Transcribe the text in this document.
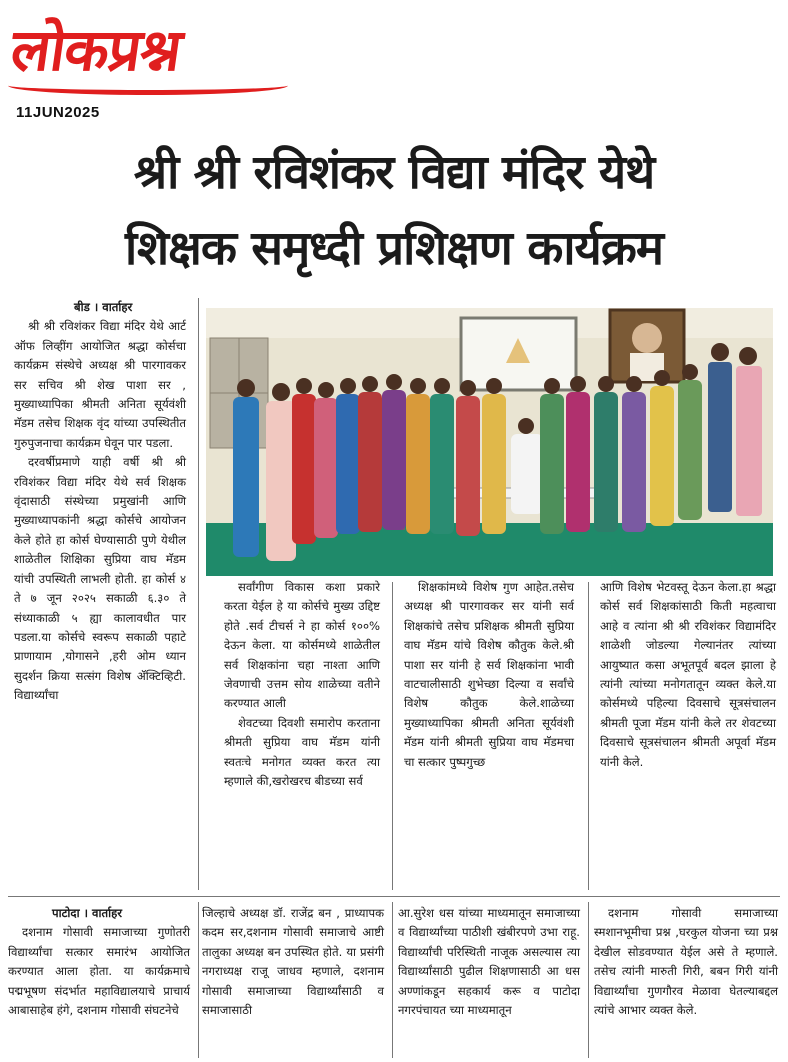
लोकप्रश्न
11JUN2025
श्री श्री रविशंकर विद्या मंदिर येथे
शिक्षक समृध्दी प्रशिक्षण कार्यक्रम

बीड । वार्ताहर

श्री श्री रविशंकर विद्या मंदिर येथे आर्ट ऑफ लिव्हींग आयोजित श्रद्धा कोर्सचा कार्यक्रम संस्थेचे अध्यक्ष श्री पारगावकर सर सचिव श्री शेख पाशा सर , मुख्याध्यापिका श्रीमती अनिता सूर्यवंशी मॅडम तसेच शिक्षक वृंद यांच्या उपस्थितीत गुरुपुजनाचा कार्यक्रम घेवून पार पडला.

दरवर्षीप्रमाणे याही वर्षी श्री श्री रविशंकर विद्या मंदिर येथे सर्व शिक्षक वृंदासाठी संस्थेच्या प्रमुखांनी आणि मुख्याध्यापकांनी श्रद्धा कोर्सचे आयोजन केले होते हा कोर्स घेण्यासाठी पुणे येथील शाळेतील शिक्षिका सुप्रिया वाघ मॅडम यांची उपस्थिती लाभली होती. हा कोर्स ४ ते ७ जून २०२५ सकाळी ६.३० ते संध्याकाळी ५ ह्या कालावधीत पार पडला.या कोर्सचे स्वरूप सकाळी पहाटे प्राणायाम ,योगासने ,हरी ओम ध्यान सुदर्शन क्रिया सत्संग विशेष ॲक्टिव्हिटी. विद्यार्थ्यांचा

सर्वांगीण विकास कशा प्रकारे करता येईल हे या कोर्सचे मुख्य उद्दिष्ट होते .सर्व टीचर्स ने हा कोर्स १००% देऊन केला. या कोर्समध्ये शाळेतील सर्व शिक्षकांना चहा नाश्ता आणि जेवणाची उत्तम सोय शाळेच्या वतीने करण्यात आली

शेवटच्या दिवशी समारोप करताना श्रीमती सुप्रिया वाघ मॅडम यांनी स्वतःचे मनोगत व्यक्त करत त्या म्हणाले की,खरोखरच बीडच्या सर्व

शिक्षकांमध्ये विशेष गुण आहेत.तसेच अध्यक्ष श्री पारगावकर सर यांनी सर्व शिक्षकांचे तसेच प्रशिक्षक श्रीमती सुप्रिया वाघ मॅडम यांचे विशेष कौतुक केले.श्री पाशा सर यांनी हे सर्व शिक्षकांना भावी वाटचालीसाठी शुभेच्छा दिल्या व सर्वांचे विशेष कौतुक केले.शाळेच्या मुख्याध्यापिका श्रीमती अनिता सूर्यवंशी मॅडम यांनी श्रीमती सुप्रिया वाघ मॅडमचा चा सत्कार पुष्पगुच्छ

आणि विशेष भेटवस्तू देऊन केला.हा श्रद्धा कोर्स सर्व शिक्षकांसाठी किती महत्वाचा आहे व त्यांना श्री श्री रविशंकर विद्यामंदिर शाळेशी जोडल्या गेल्यानंतर त्यांच्या आयुष्यात कसा अभूतपूर्व बदल झाला हे त्यांनी त्यांच्या मनोगतातून व्यक्त केले.या कोर्समध्ये पहिल्या दिवसाचे सूत्रसंचालन श्रीमती पूजा मॅडम यांनी केले तर शेवटच्या दिवसाचे सूत्रसंचालन श्रीमती अपूर्वा मॅडम यांनी केले.

पाटोदा । वार्ताहर

दशनाम गोसावी समाजाच्या गुणोतरी विद्यार्थ्यांचा सत्कार समारंभ आयोजित करण्यात आला होता. या कार्यक्रमाचे पद्मभूषण संदर्भात महाविद्यालयाचे प्राचार्य आबासाहेब हंगे, दशनाम गोसावी संघटनेचे

जिल्हाचे अध्यक्ष डॉ. राजेंद्र बन , प्राध्यापक कदम सर,दशनाम गोसावी समाजाचे आष्टी तालुका अध्यक्ष बन उपस्थित होते. या प्रसंगी नगराध्यक्ष राजू जाधव म्हणाले, दशनाम गोसावी समाजाच्या विद्यार्थ्यांसाठी व समाजासाठी

आ.सुरेश धस यांच्या माध्यमातून समाजाच्या व विद्यार्थ्यांच्या पाठीशी खंबीरपणे उभा राहू. विद्यार्थ्यांची परिस्थिती नाजूक असल्यास त्या विद्यार्थ्यांसाठी पुढील शिक्षणासाठी आ धस अण्णांकडून सहकार्य करू व पाटोदा नगरपंचायत च्या माध्यमातून

दशनाम गोसावी समाजाच्या स्मशानभूमीचा प्रश्न ,घरकुल योजना च्या प्रश्न देखील सोडवण्यात येईल असे ते म्हणाले. तसेच त्यांनी मारुती गिरी, बबन गिरी यांनी विद्यार्थ्यांचा गुणगौरव मेळावा घेतल्याबद्दल त्यांचे आभार व्यक्त केले.
